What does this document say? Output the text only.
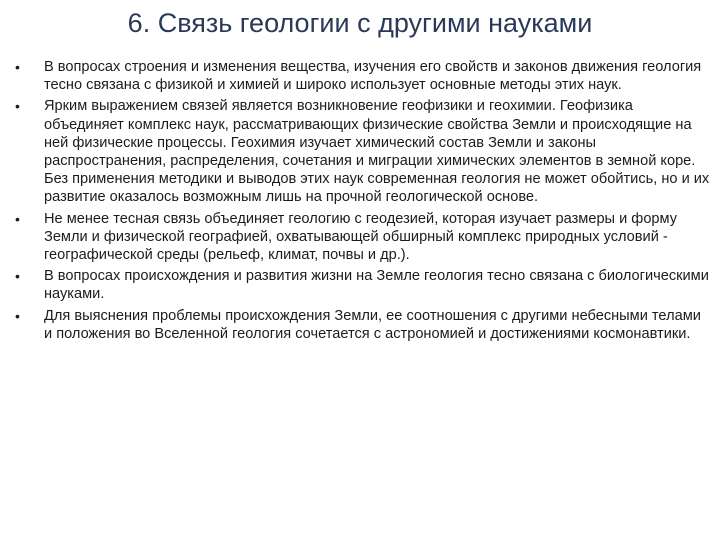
6. Связь геологии с другими науками
• В вопросах строения и изменения вещества, изучения его свойств и законов движения геология тесно связана с физикой и химией и широко использует основные методы этих наук.
• Ярким выражением связей является возникновение геофизики и геохимии. Геофизика объединяет комплекс наук, рассматривающих физические свойства Земли и происходящие на ней физические процессы. Геохимия изучает химический состав Земли и законы распространения, распределения, сочетания и миграции химических элементов в земной коре. Без применения методики и выводов этих наук современная геология не может обойтись, но и их развитие оказалось возможным лишь на прочной геологической основе.
• Не менее тесная связь объединяет геологию с геодезией, которая изучает размеры и форму Земли и физической географией, охватывающей обширный комплекс природных условий - географической среды (рельеф, климат, почвы и др.).
• В вопросах происхождения и развития жизни на Земле геология тесно связана с биологическими науками.
• Для выяснения проблемы происхождения Земли, ее соотношения с другими небесными телами и положения во Вселенной геология сочетается с астрономией и достижениями космонавтики.
